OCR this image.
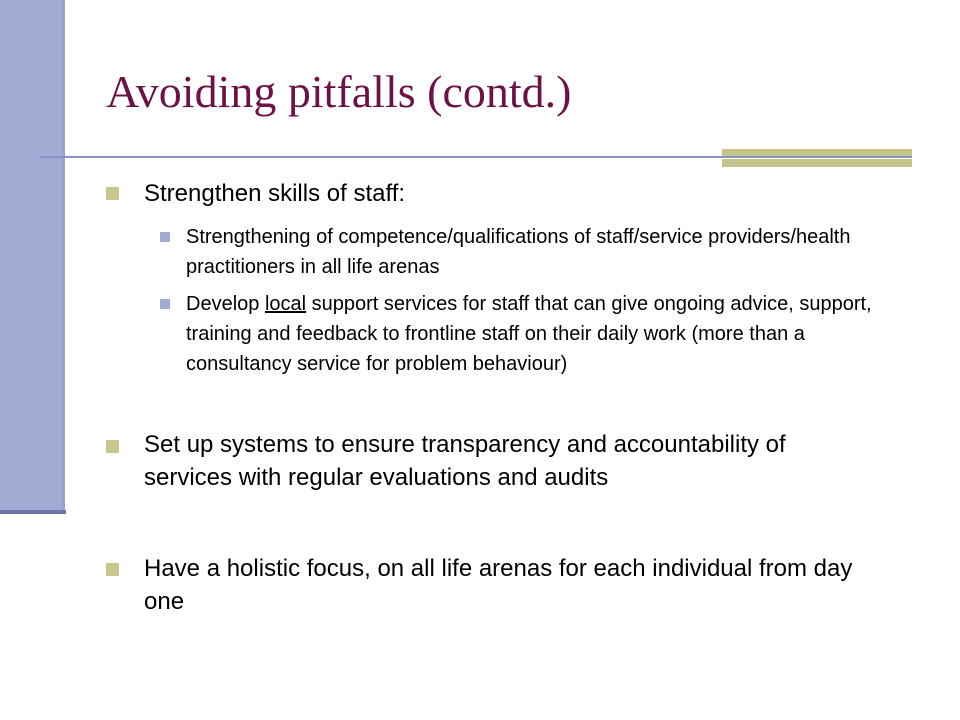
Avoiding pitfalls (contd.)

Strengthen skills of staff:

Strengthening of competence/qualifications of staff/service providers/health practitioners in all life arenas

Develop local support services for staff that can give ongoing advice, support, training and feedback to frontline staff on their daily work (more than a consultancy service for problem behaviour)

Set up systems to ensure transparency and accountability of services with regular evaluations and audits

Have a holistic focus, on all life arenas for each individual from day one
